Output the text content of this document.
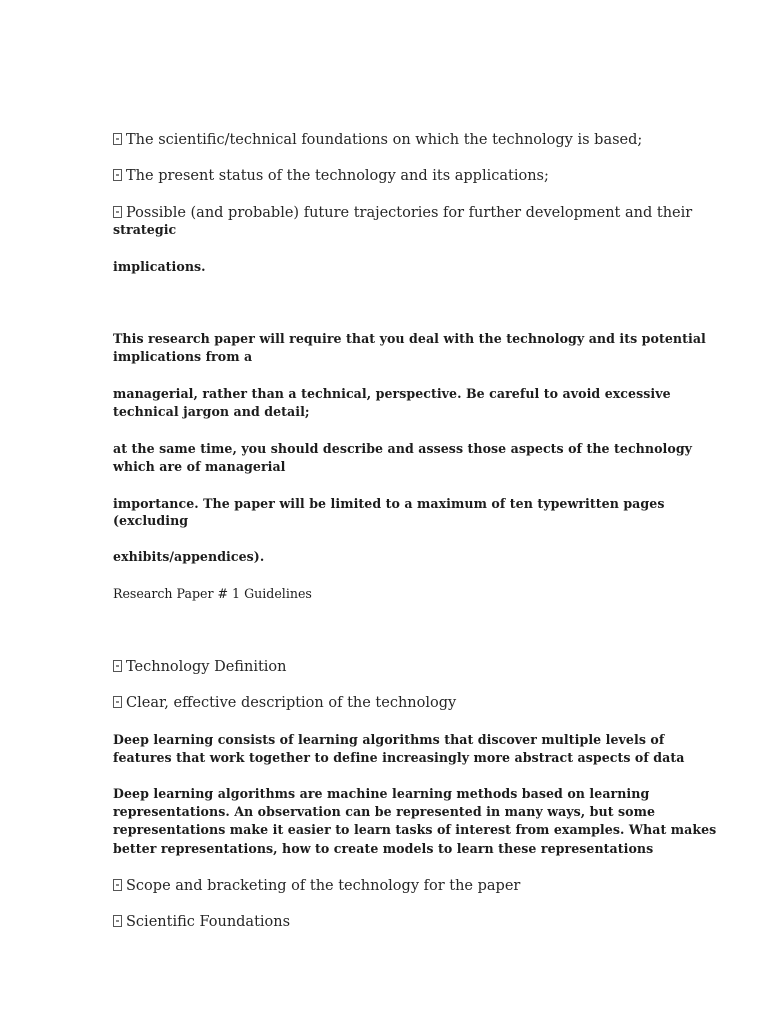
The scientific/technical foundations on which the technology is based;
The present status of the technology and its applications;
Possible (and probable) future trajectories for further development and their
strategic
implications.
This research paper will require that you deal with the technology and its potential
implications from a
managerial, rather than a technical, perspective. Be careful to avoid excessive
technical jargon and detail;
at the same time, you should describe and assess those aspects of the technology
which are of managerial
importance. The paper will be limited to a maximum of ten typewritten pages
(excluding
exhibits/appendices).
Research Paper # 1 Guidelines
Technology Definition
Clear, effective description of the technology
Deep learning consists of learning algorithms that discover multiple levels of
features that work together to define increasingly more abstract aspects of data
Deep learning algorithms are machine learning methods based on learning
representations. An observation can be represented in many ways, but some
representations make it easier to learn tasks of interest from examples. What makes
better representations, how to create models to learn these representations
Scope and bracketing of the technology for the paper
Scientific Foundations
